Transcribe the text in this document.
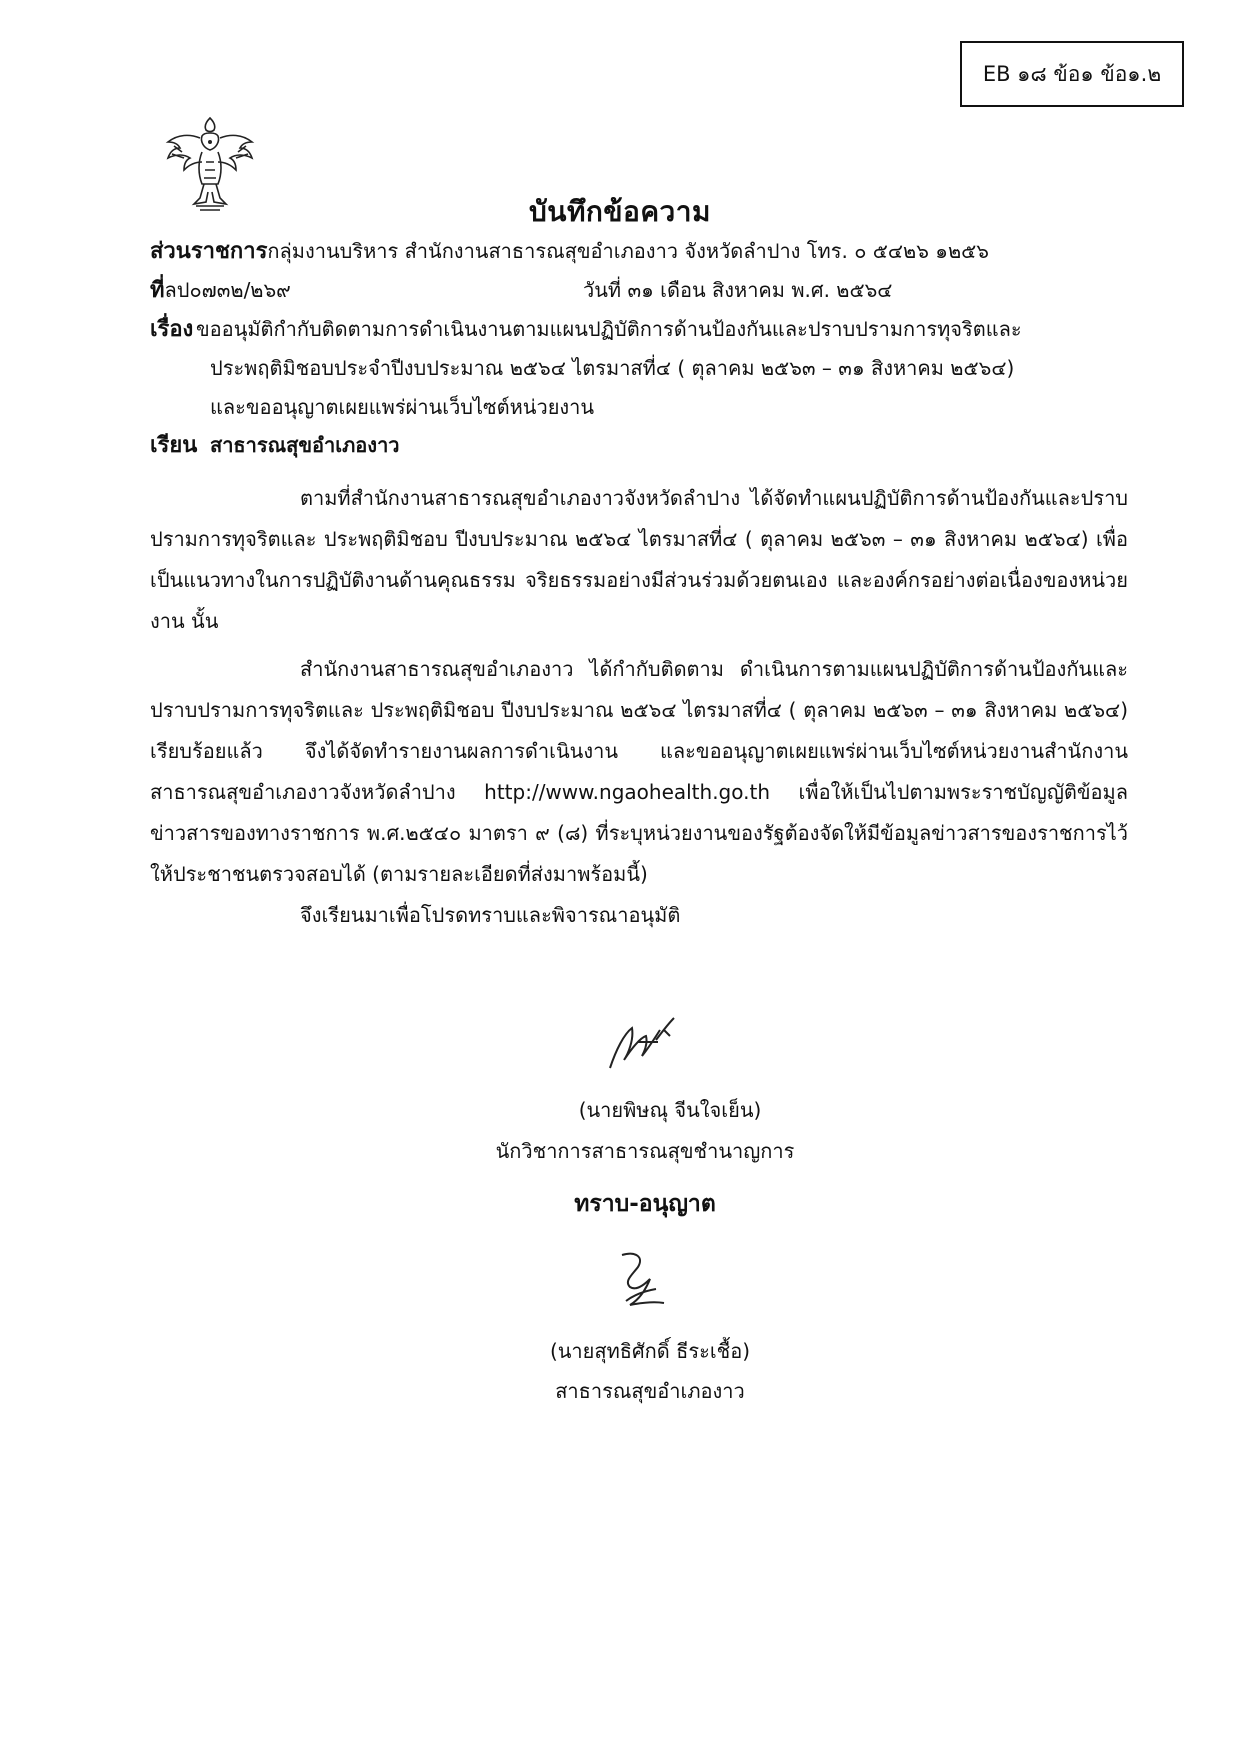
EB ๑๘ ข้อ๑ ข้อ๑.๒
บันทึกข้อความ
ส่วนราชการกลุ่มงานบริหาร สำนักงานสาธารณสุขอำเภองาว จังหวัดลำปาง โทร. ๐ ๕๔๒๖ ๑๒๕๖
ที่ลป๐๗๓๒/๒๖๙	วันที่ ๓๑ เดือน สิงหาคม พ.ศ. ๒๕๖๔
เรื่อง ขออนุมัติกำกับติดตามการดำเนินงานตามแผนปฏิบัติการด้านป้องกันและปราบปรามการทุจริตและ
ประพฤติมิชอบประจำปีงบประมาณ ๒๕๖๔ ไตรมาสที่๔ ( ตุลาคม ๒๕๖๓ – ๓๑ สิงหาคม ๒๕๖๔)
และขออนุญาตเผยแพร่ผ่านเว็บไซต์หน่วยงาน
เรียน สาธารณสุขอำเภองาว
ตามที่สำนักงานสาธารณสุขอำเภองาวจังหวัดลำปาง ได้จัดทำแผนปฏิบัติการด้านป้องกันและปราบปรามการทุจริตและ ประพฤติมิชอบ ปีงบประมาณ ๒๕๖๔ ไตรมาสที่๔ ( ตุลาคม ๒๕๖๓ – ๓๑ สิงหาคม ๒๕๖๔) เพื่อเป็นแนวทางในการปฏิบัติงานด้านคุณธรรม จริยธรรมอย่างมีส่วนร่วมด้วยตนเอง และองค์กรอย่างต่อเนื่องของหน่วยงาน นั้น
สำนักงานสาธารณสุขอำเภองาว ได้กำกับติดตาม ดำเนินการตามแผนปฏิบัติการด้านป้องกันและปราบปรามการทุจริตและ ประพฤติมิชอบ ปีงบประมาณ ๒๕๖๔ ไตรมาสที่๔ ( ตุลาคม ๒๕๖๓ – ๓๑ สิงหาคม ๒๕๖๔) เรียบร้อยแล้ว จึงได้จัดทำรายงานผลการดำเนินงาน และขออนุญาตเผยแพร่ผ่านเว็บไซต์หน่วยงานสำนักงานสาธารณสุขอำเภองาวจังหวัดลำปาง http://www.ngaohealth.go.th เพื่อให้เป็นไปตามพระราชบัญญัติข้อมูลข่าวสารของทางราชการ พ.ศ.๒๕๔๐ มาตรา ๙ (๘) ที่ระบุหน่วยงานของรัฐต้องจัดให้มีข้อมูลข่าวสารของราชการไว้ให้ประชาชนตรวจสอบได้ (ตามรายละเอียดที่ส่งมาพร้อมนี้)
จึงเรียนมาเพื่อโปรดทราบและพิจารณาอนุมัติ
(นายพิษณุ จีนใจเย็น)
นักวิชาการสาธารณสุขชำนาญการ
ทราบ-อนุญาต
(นายสุทธิศักดิ์ ธีระเชื้อ)
สาธารณสุขอำเภองาว
